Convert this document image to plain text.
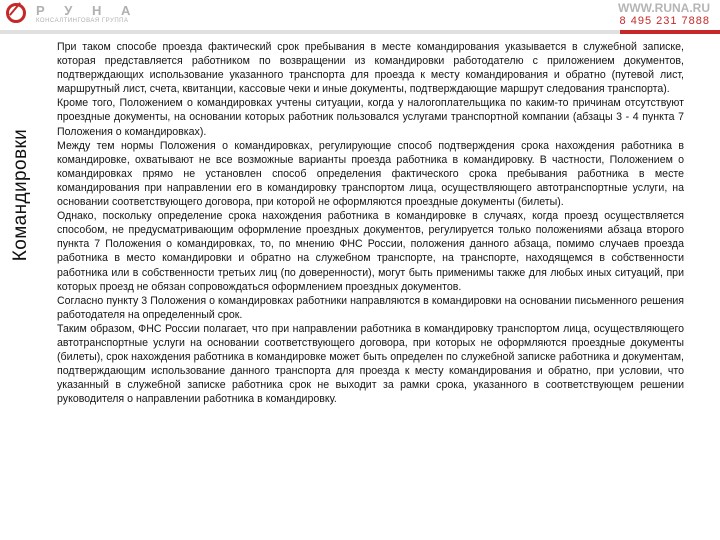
Р У Н А
КОНСАЛТИНГОВАЯ ГРУППА
WWW.RUNA.RU
8 495 231 7888
Командировки

При таком способе проезда фактический срок пребывания в месте командирования указывается в служебной записке, которая представляется работником по возвращении из командировки работодателю с приложением документов, подтверждающих использование указанного транспорта для проезда к месту командирования и обратно (путевой лист, маршрутный лист, счета, квитанции, кассовые чеки и иные документы, подтверждающие маршрут следования транспорта).

Кроме того, Положением о командировках учтены ситуации, когда у налогоплательщика по каким-то причинам отсутствуют проездные документы, на основании которых работник пользовался услугами транспортной компании (абзацы 3 - 4 пункта 7 Положения о командировках).

Между тем нормы Положения о командировках, регулирующие способ подтверждения срока нахождения работника в командировке, охватывают не все возможные варианты проезда работника в командировку. В частности, Положением о командировках прямо не установлен способ определения фактического срока пребывания работника в месте командирования при направлении его в командировку транспортом лица, осуществляющего автотранспортные услуги, на основании соответствующего договора, при которой не оформляются проездные документы (билеты).

Однако, поскольку определение срока нахождения работника в командировке в случаях, когда проезд осуществляется способом, не предусматривающим оформление проездных документов, регулируется только положениями абзаца второго пункта 7 Положения о командировках, то, по мнению ФНС России, положения данного абзаца, помимо случаев проезда работника в место командировки и обратно на служебном транспорте, на транспорте, находящемся в собственности работника или в собственности третьих лиц (по доверенности), могут быть применимы также для любых иных ситуаций, при которых проезд не обязан сопровождаться оформлением проездных документов.

Согласно пункту 3 Положения о командировках работники направляются в командировки на основании письменного решения работодателя на определенный срок.

Таким образом, ФНС России полагает, что при направлении работника в командировку транспортом лица, осуществляющего автотранспортные услуги на основании соответствующего договора, при которых не оформляются проездные документы (билеты), срок нахождения работника в командировке может быть определен по служебной записке работника и документам, подтверждающим использование данного транспорта для проезда к месту командирования и обратно, при условии, что указанный в служебной записке работника срок не выходит за рамки срока, указанного в соответствующем решении руководителя о направлении работника в командировку.
